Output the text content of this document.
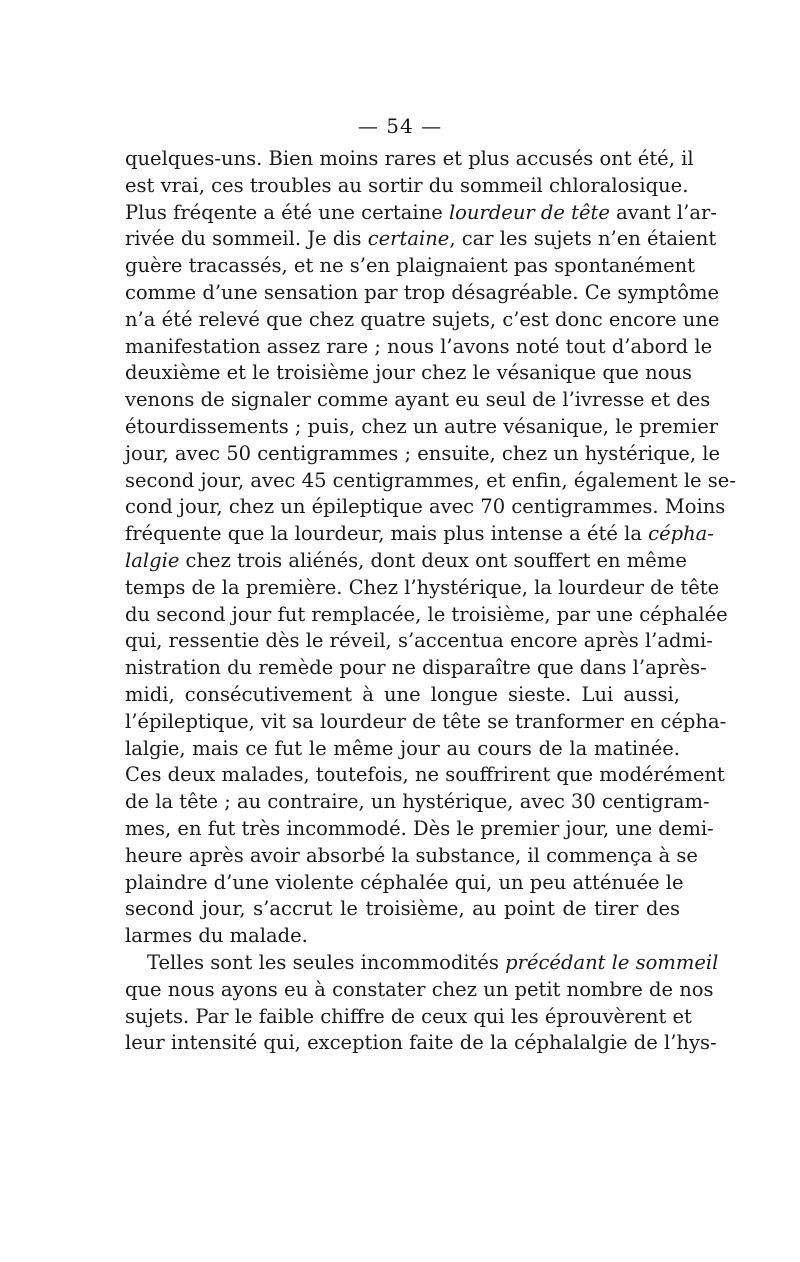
— 54 —
quelques-uns. Bien moins rares et plus accusés ont été, il
est vrai, ces troubles au sortir du sommeil chloralosique.
Plus fréqente a été une certaine lourdeur de tête avant l’ar-
rivée du sommeil. Je dis certaine, car les sujets n’en étaient
guère tracassés, et ne s’en plaignaient pas spontanément
comme d’une sensation par trop désagréable. Ce symptôme
n’a été relevé que chez quatre sujets, c’est donc encore une
manifestation assez rare ; nous l’avons noté tout d’abord le
deuxième et le troisième jour chez le vésanique que nous
venons de signaler comme ayant eu seul de l’ivresse et des
étourdissements ; puis, chez un autre vésanique, le premier
jour, avec 50 centigrammes ; ensuite, chez un hystérique, le
second jour, avec 45 centigrammes, et enfin, également le se-
cond jour, chez un épileptique avec 70 centigrammes. Moins
fréquente que la lourdeur, mais plus intense a été la cépha-
lalgie chez trois aliénés, dont deux ont souffert en même
temps de la première. Chez l’hystérique, la lourdeur de tête
du second jour fut remplacée, le troisième, par une céphalée
qui, ressentie dès le réveil, s’accentua encore après l’admi-
nistration du remède pour ne disparaître que dans l’après-
midi, consécutivement à une longue sieste. Lui aussi,
l’épileptique, vit sa lourdeur de tête se tranformer en cépha-
lalgie, mais ce fut le même jour au cours de la matinée.
Ces deux malades, toutefois, ne souffrirent que modérément
de la tête ; au contraire, un hystérique, avec 30 centigram-
mes, en fut très incommodé. Dès le premier jour, une demi-
heure après avoir absorbé la substance, il commença à se
plaindre d’une violente céphalée qui, un peu atténuée le
second jour, s’accrut le troisième, au point de tirer des
larmes du malade.
Telles sont les seules incommodités précédant le sommeil
que nous ayons eu à constater chez un petit nombre de nos
sujets. Par le faible chiffre de ceux qui les éprouvèrent et
leur intensité qui, exception faite de la céphalalgie de l’hys-
